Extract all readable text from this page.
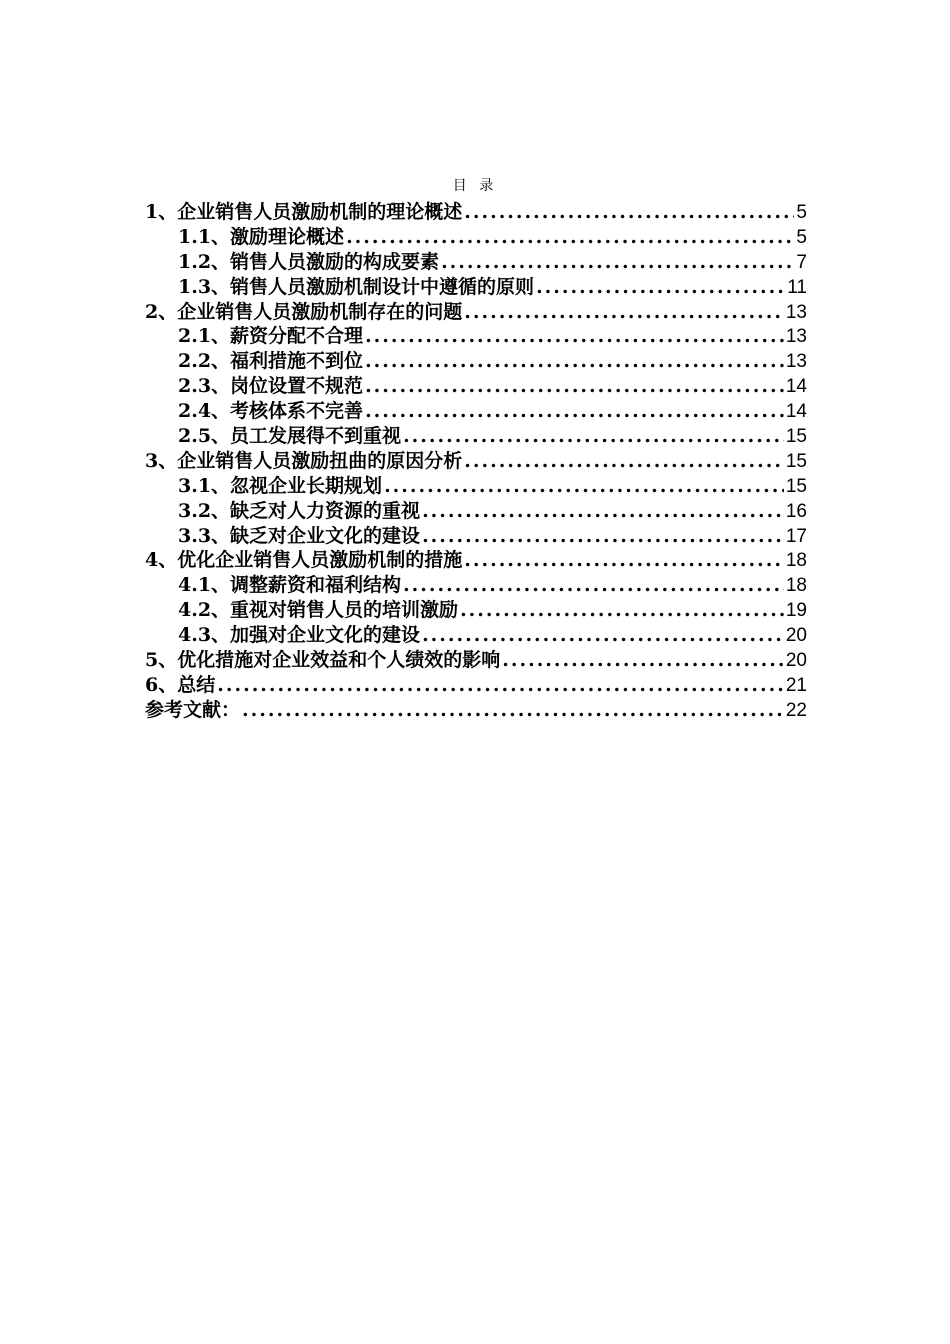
目 录
1、企业销售人员激励机制的理论概述 .....	5
1.1、激励理论概述 .....	5
1.2、销售人员激励的构成要素 .....	7
1.3、销售人员激励机制设计中遵循的原则 .....	11
2、企业销售人员激励机制存在的问题 .....	13
2.1、薪资分配不合理 .....	13
2.2、福利措施不到位 .....	13
2.3、岗位设置不规范 .....	14
2.4、考核体系不完善 .....	14
2.5、员工发展得不到重视 .....	15
3、企业销售人员激励扭曲的原因分析 .....	15
3.1、忽视企业长期规划 .....	15
3.2、缺乏对人力资源的重视 .....	16
3.3、缺乏对企业文化的建设 .....	17
4、优化企业销售人员激励机制的措施 .....	18
4.1、调整薪资和福利结构 .....	18
4.2、重视对销售人员的培训激励 .....	19
4.3、加强对企业文化的建设 .....	20
5、优化措施对企业效益和个人绩效的影响 .....	20
6、总结 .....	21
参考文献： .....	22
